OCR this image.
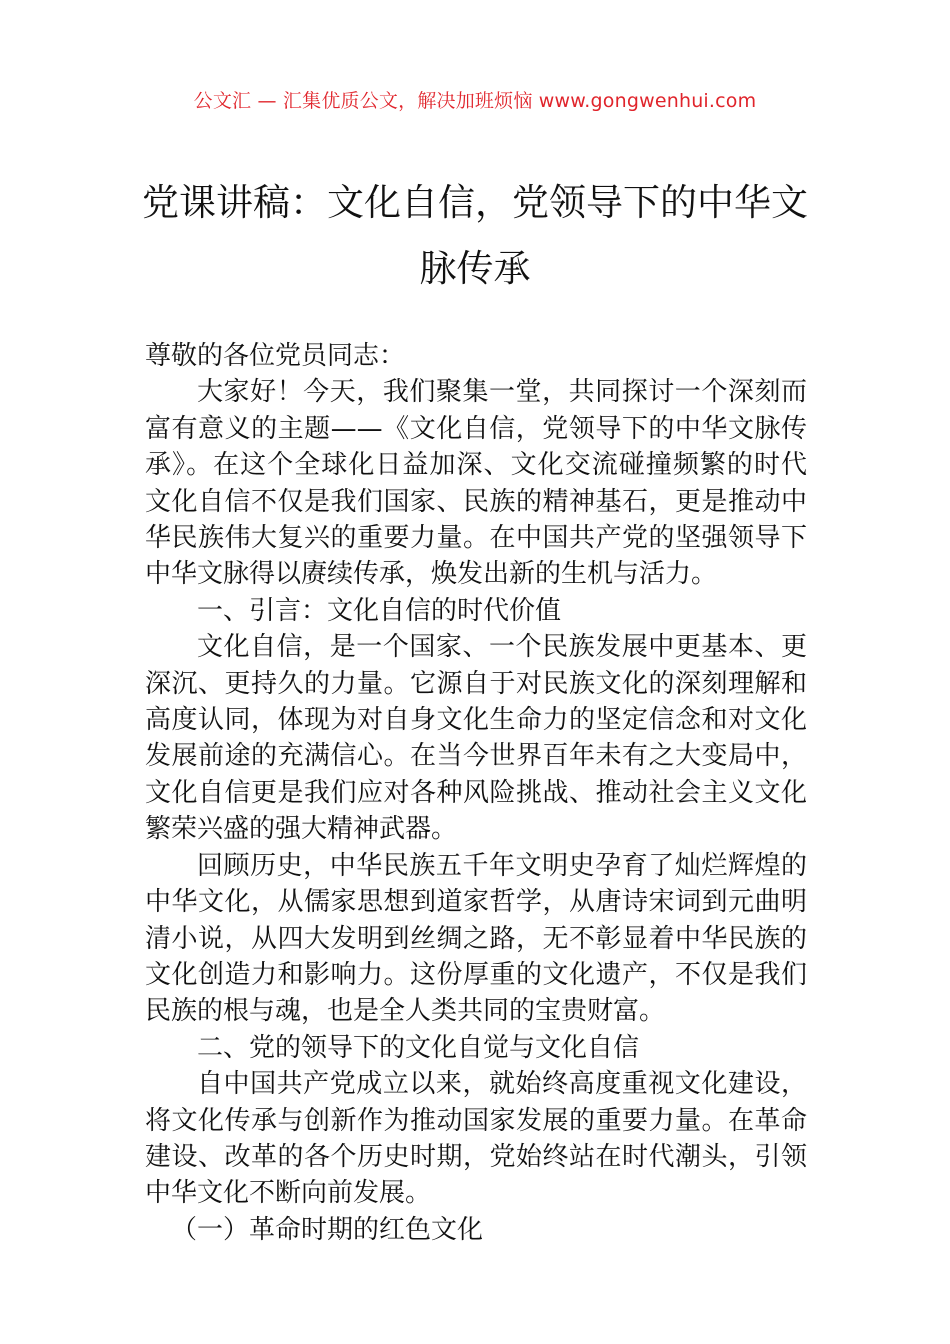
公文汇 — 汇集优质公文，解决加班烦恼 www.gongwenhui.com
党课讲稿：文化自信，党领导下的中华文
脉传承

尊敬的各位党员同志：

大家好！今天，我们聚集一堂，共同探讨一个深刻而富有意义的主题——《文化自信，党领导下的中华文脉传承》。在这个全球化日益加深、文化交流碰撞频繁的时代文化自信不仅是我们国家、民族的精神基石，更是推动中华民族伟大复兴的重要力量。在中国共产党的坚强领导下中华文脉得以赓续传承，焕发出新的生机与活力。

一、引言：文化自信的时代价值

文化自信，是一个国家、一个民族发展中更基本、更深沉、更持久的力量。它源自于对民族文化的深刻理解和高度认同，体现为对自身文化生命力的坚定信念和对文化发展前途的充满信心。在当今世界百年未有之大变局中，文化自信更是我们应对各种风险挑战、推动社会主义文化繁荣兴盛的强大精神武器。

回顾历史，中华民族五千年文明史孕育了灿烂辉煌的中华文化，从儒家思想到道家哲学，从唐诗宋词到元曲明清小说，从四大发明到丝绸之路，无不彰显着中华民族的文化创造力和影响力。这份厚重的文化遗产，不仅是我们民族的根与魂，也是全人类共同的宝贵财富。

二、党的领导下的文化自觉与文化自信

自中国共产党成立以来，就始终高度重视文化建设，将文化传承与创新作为推动国家发展的重要力量。在革命建设、改革的各个历史时期，党始终站在时代潮头，引领中华文化不断向前发展。

（一）革命时期的红色文化
